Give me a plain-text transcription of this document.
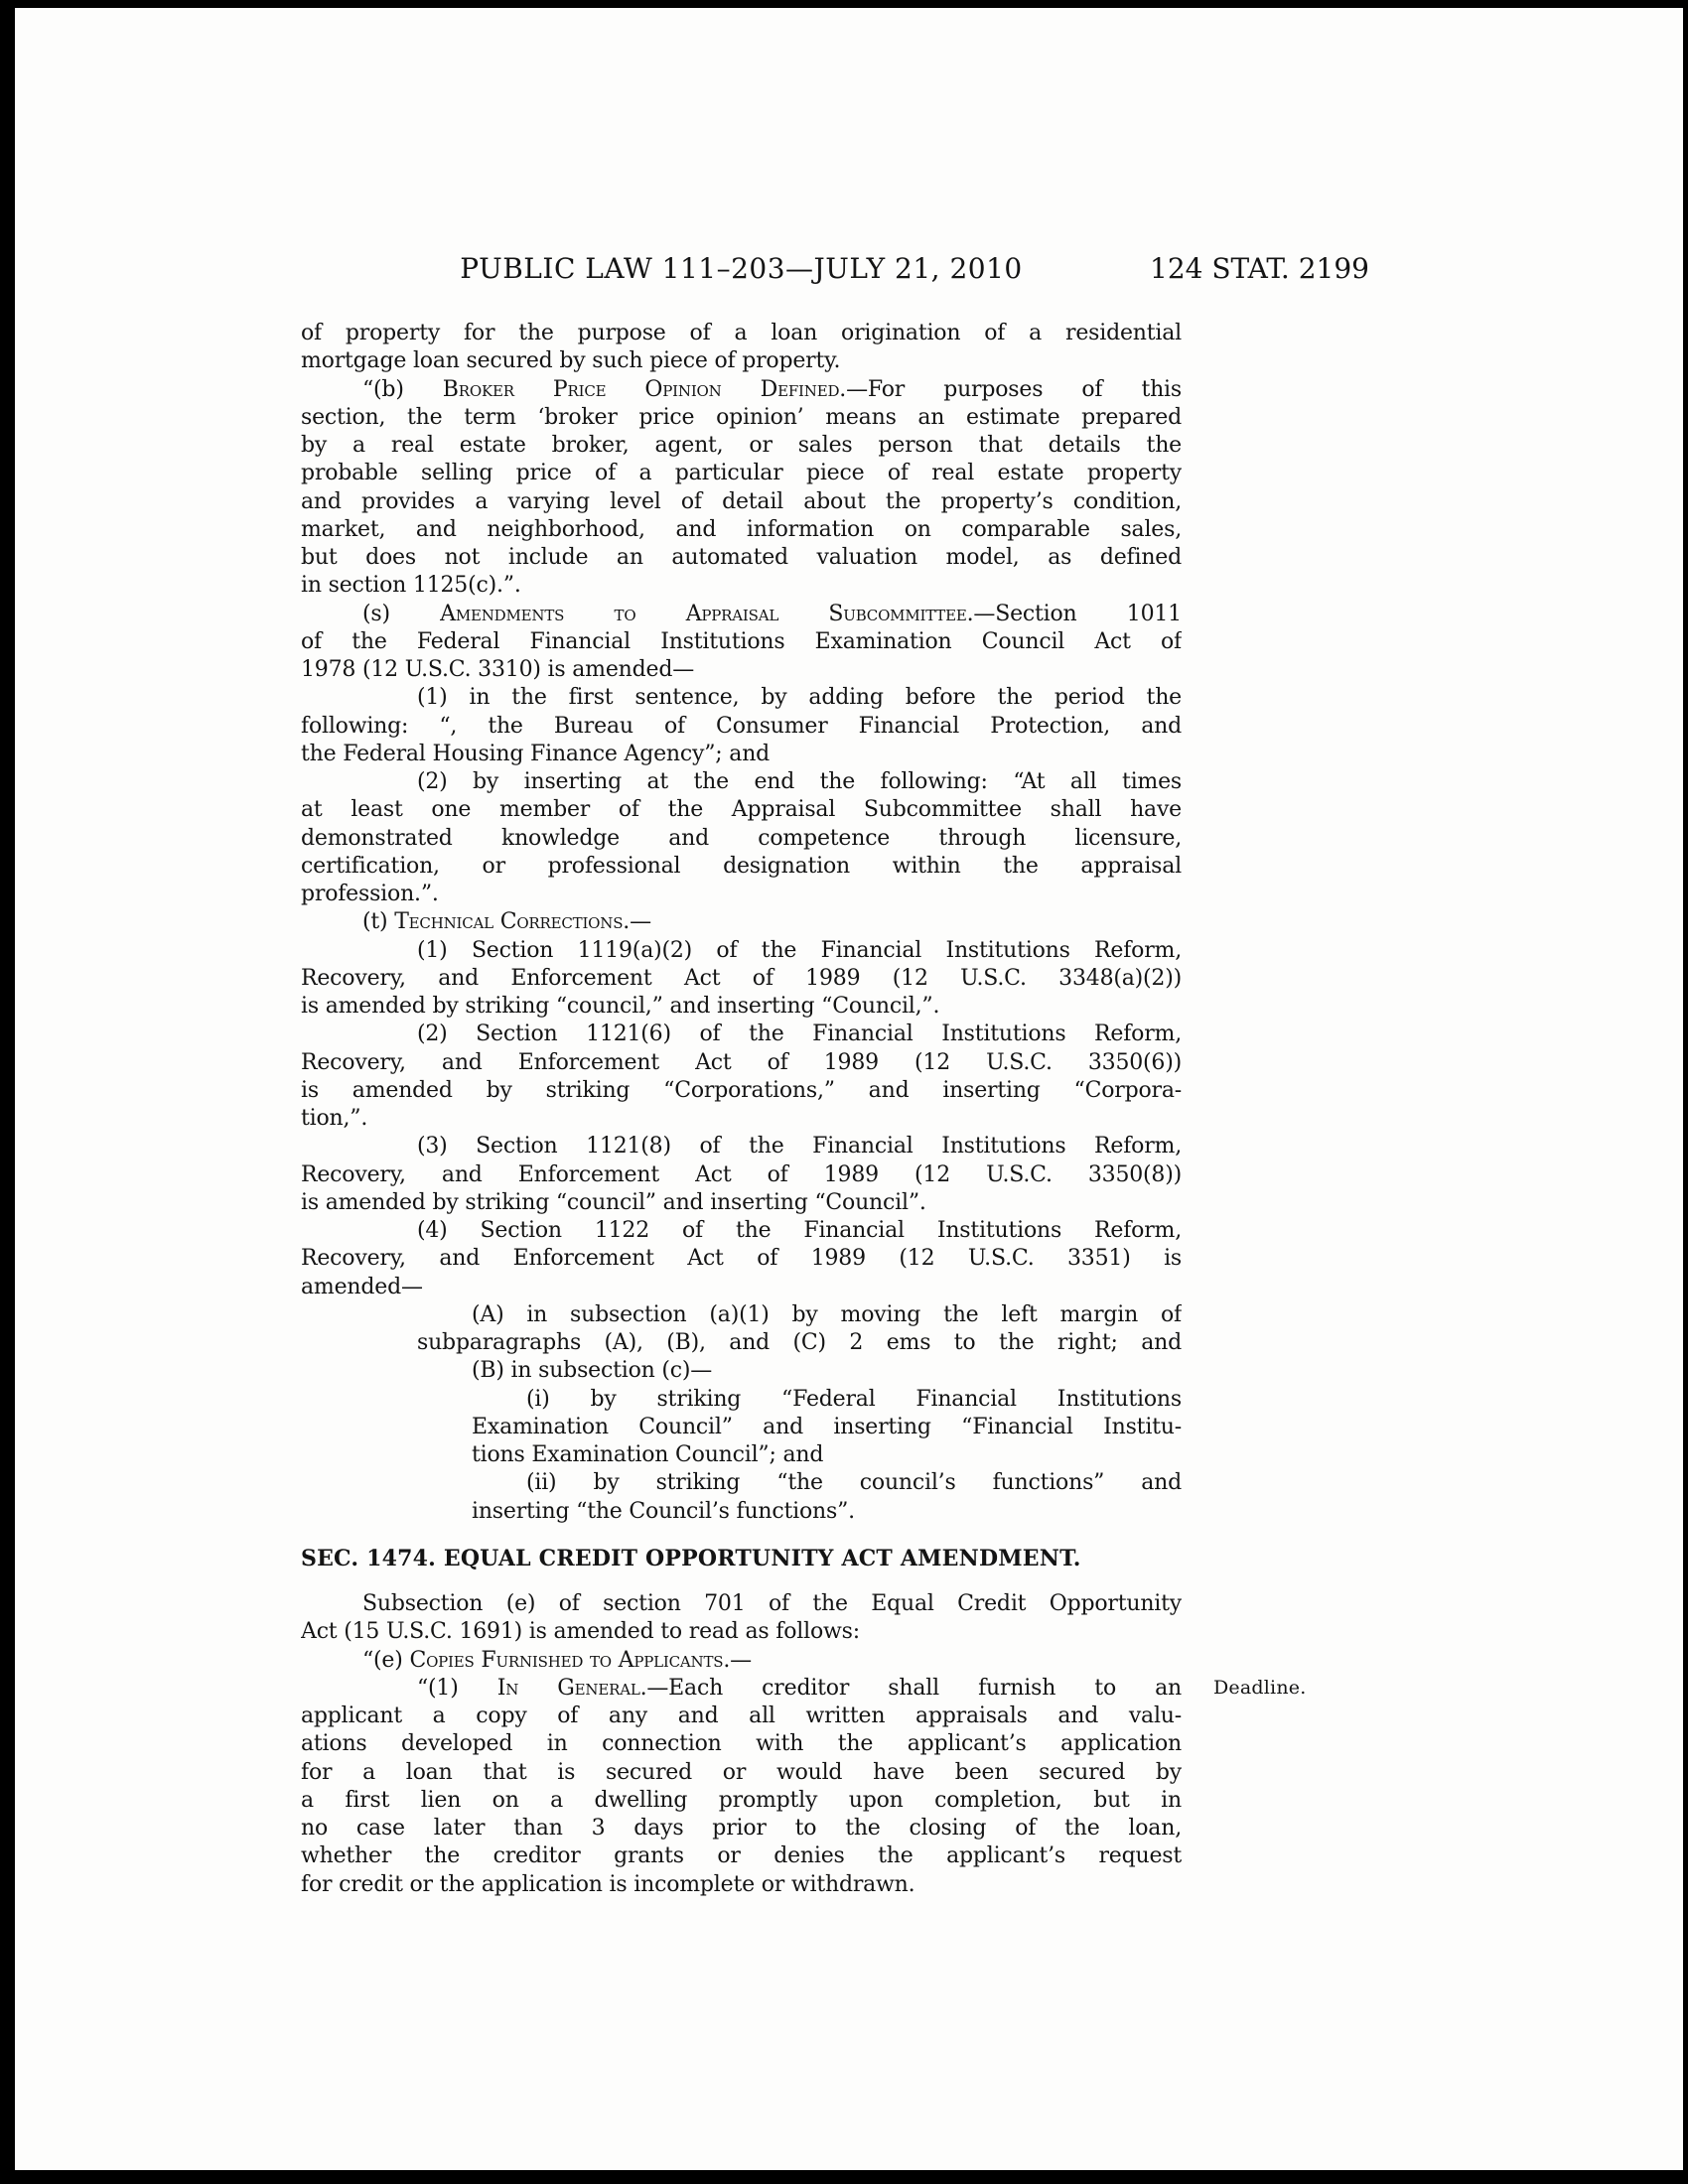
PUBLIC LAW 111–203—JULY 21, 2010	124 STAT. 2199
of property for the purpose of a loan origination of a residential
mortgage loan secured by such piece of property.
“(b) Broker Price Opinion Defined.—For purposes of this
section, the term ‘broker price opinion’ means an estimate prepared
by a real estate broker, agent, or sales person that details the
probable selling price of a particular piece of real estate property
and provides a varying level of detail about the property’s condition,
market, and neighborhood, and information on comparable sales,
but does not include an automated valuation model, as defined
in section 1125(c).”.
(s) Amendments to Appraisal Subcommittee.—Section 1011
of the Federal Financial Institutions Examination Council Act of
1978 (12 U.S.C. 3310) is amended—
(1) in the first sentence, by adding before the period the
following: “, the Bureau of Consumer Financial Protection, and
the Federal Housing Finance Agency”; and
(2) by inserting at the end the following: “At all times
at least one member of the Appraisal Subcommittee shall have
demonstrated knowledge and competence through licensure,
certification, or professional designation within the appraisal
profession.”.
(t) Technical Corrections.—
(1) Section 1119(a)(2) of the Financial Institutions Reform,
Recovery, and Enforcement Act of 1989 (12 U.S.C. 3348(a)(2))
is amended by striking “council,” and inserting “Council,”.
(2) Section 1121(6) of the Financial Institutions Reform,
Recovery, and Enforcement Act of 1989 (12 U.S.C. 3350(6))
is amended by striking “Corporations,” and inserting “Corpora-
tion,”.
(3) Section 1121(8) of the Financial Institutions Reform,
Recovery, and Enforcement Act of 1989 (12 U.S.C. 3350(8))
is amended by striking “council” and inserting “Council”.
(4) Section 1122 of the Financial Institutions Reform,
Recovery, and Enforcement Act of 1989 (12 U.S.C. 3351) is
amended—
(A) in subsection (a)(1) by moving the left margin of
subparagraphs (A), (B), and (C) 2 ems to the right; and
(B) in subsection (c)—
(i) by striking “Federal Financial Institutions
Examination Council” and inserting “Financial Institu-
tions Examination Council”; and
(ii) by striking “the council’s functions” and
inserting “the Council’s functions”.
SEC. 1474. EQUAL CREDIT OPPORTUNITY ACT AMENDMENT.
Subsection (e) of section 701 of the Equal Credit Opportunity
Act (15 U.S.C. 1691) is amended to read as follows:
“(e) Copies Furnished to Applicants.—
“(1) In General.—Each creditor shall furnish to an
applicant a copy of any and all written appraisals and valu-
ations developed in connection with the applicant’s application
for a loan that is secured or would have been secured by
a first lien on a dwelling promptly upon completion, but in
no case later than 3 days prior to the closing of the loan,
whether the creditor grants or denies the applicant’s request
for credit or the application is incomplete or withdrawn.
Deadline.
